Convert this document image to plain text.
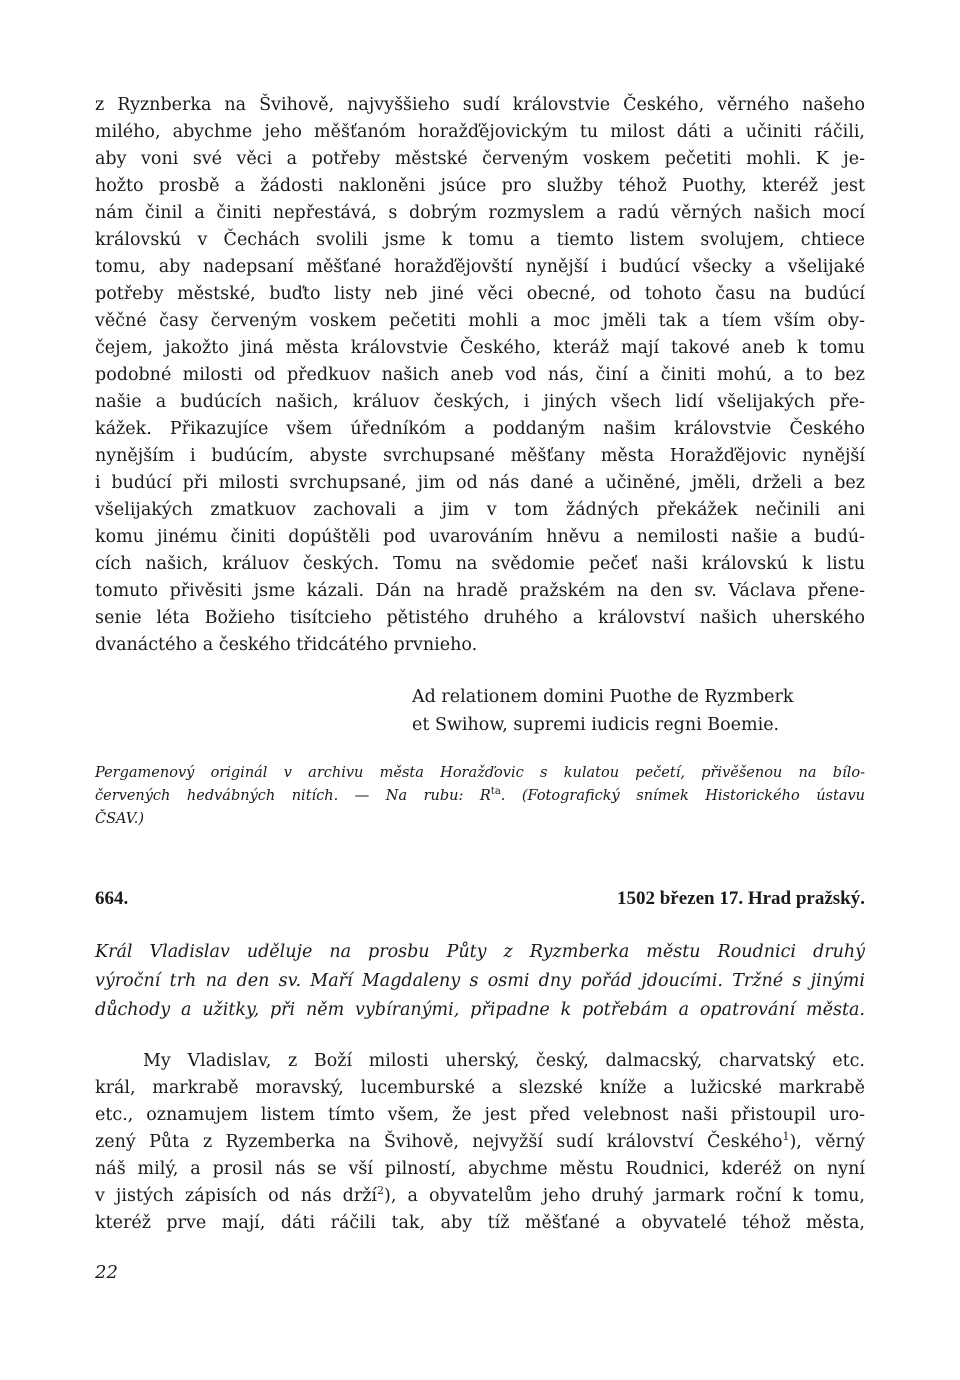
z Ryznberka na Švihově, najvyššieho sudí královstvie Českého, věrného našeho
milého, abychme jeho měšťanóm horažďějovickým tu milost dáti a učiniti ráčili,
aby voni své věci a potřeby městské červeným voskem pečetiti mohli. K je-
hožto prosbě a žádosti nakloněni jsúce pro služby téhož Puothy, kteréž jest
nám činil a činiti nepřestává, s dobrým rozmyslem a radú věrných našich mocí
královskú v Čechách svolili jsme k tomu a tiemto listem svolujem, chtiece
tomu, aby nadepsaní měšťané horažďějovští nynější i budúcí všecky a všelijaké
potřeby městské, buďto listy neb jiné věci obecné, od tohoto času na budúcí
věčné časy červeným voskem pečetiti mohli a moc jměli tak a tíem vším oby-
čejem, jakožto jiná města královstvie Českého, kteráž mají takové aneb k tomu
podobné milosti od předkuov našich aneb vod nás, činí a činiti mohú, a to bez
našie a budúcích našich, králuov českých, i jiných všech lidí všelijakých pře-
kážek. Přikazujíce všem úředníkóm a poddaným našim královstvie Českého
nynějším i budúcím, abyste svrchupsané měšťany města Horažďějovic nynější
i budúcí při milosti svrchupsané, jim od nás dané a učiněné, jměli, drželi a bez
všelijakých zmatkuov zachovali a jim v tom žádných překážek nečinili ani
komu jinému činiti dopúštěli pod uvarováním hněvu a nemilosti našie a budú-
cích našich, králuov českých. Tomu na svědomie pečeť naši královskú k listu
tomuto přivěsiti jsme kázali. Dán na hradě pražském na den sv. Václava přene-
senie léta Božieho tisítcieho pětistého druhého a království našich uherského
dvanáctého a českého třidcátého prvnieho.
Ad relationem domini Puothe de Ryzmberk
et Swihow, supremi iudicis regni Boemie.
Pergamenový originál v archivu města Horažďovic s kulatou pečetí, přivěšenou na bílo-
červených hedvábných nitích. — Na rubu: $R^{ta}$. (Fotografický snímek Historického ústavu
ČSAV.)
664.	1502 březen 17. Hrad pražský.
Král Vladislav uděluje na prosbu Půty z Ryzmberka městu Roudnici druhý
výroční trh na den sv. Maří Magdaleny s osmi dny pořád jdoucími. Tržné s jinými
důchody a užitky, při něm vybíranými, připadne k potřebám a opatrování města.
My Vladislav, z Boží milosti uherský, český, dalmacský, charvatský etc.
král, markrabě moravský, lucemburské a slezské kníže a lužicské markrabě
etc., oznamujem listem tímto všem, že jest před velebnost naši přistoupil uro-
zený Půta z Ryzemberka na Švihově, nejvyžší sudí království Českého$^1$), věrný
náš milý, a prosil nás se vší pilností, abychme městu Roudnici, kderéž on nyní
v jistých zápisích od nás drží$^2$), a obyvatelům jeho druhý jarmark roční k tomu,
kteréž prve mají, dáti ráčili tak, aby tíž měšťané a obyvatelé téhož města,
22
